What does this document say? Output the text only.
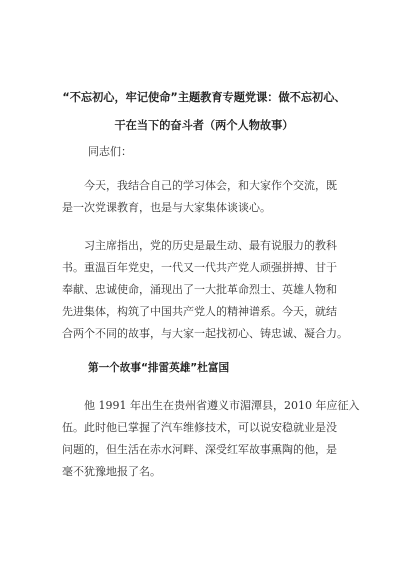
“不忘初心，牢记使命”主题教育专题党课：做不忘初心、
干在当下的奋斗者（两个人物故事）

同志们：

今天，我结合自己的学习体会，和大家作个交流，既
是一次党课教育，也是与大家集体谈谈心。

习主席指出，党的历史是最生动、最有说服力的教科
书。重温百年党史，一代又一代共产党人顽强拼搏、甘于
奉献、忠诚使命，涌现出了一大批革命烈士、英雄人物和
先进集体，构筑了中国共产党人的精神谱系。今天，就结
合两个不同的故事，与大家一起找初心、铸忠诚、凝合力。

第一个故事“排雷英雄”杜富国

他 1991 年出生在贵州省遵义市湄潭县，2010 年应征入
伍。此时他已掌握了汽车维修技术，可以说安稳就业是没
问题的，但生活在赤水河畔、深受红军故事熏陶的他，是
毫不犹豫地报了名。
